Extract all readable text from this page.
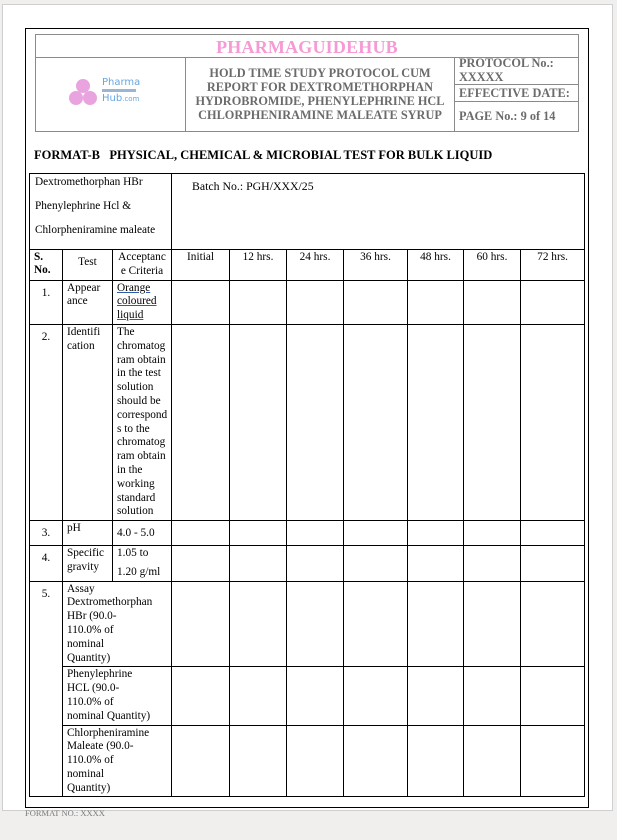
PHARMAGUIDEHUB
Pharma
Hub.com
HOLD TIME STUDY PROTOCOL CUM
REPORT FOR DEXTROMETHORPHAN
HYDROBROMIDE, PHENYLEPHRINE HCL
CHLORPHENIRAMINE MALEATE SYRUP
PROTOCOL No.:
XXXXX
EFFECTIVE DATE:
PAGE No.: 9 of 14
FORMAT-B   PHYSICAL, CHEMICAL & MICROBIAL TEST FOR BULK LIQUID
Dextromethorphan HBr
Phenylephrine Hcl &
Chlorpheniramine maleate			Batch No.: PGH/XXX/25						
S. No.	Test	Acceptanc e Criteria	Initial	12 hrs.	24 hrs.	36 hrs.	48 hrs.	60 hrs.	72 hrs.
1.	Appear ance	Orange coloured liquid							
2.	Identifi cation	The chromatog ram obtain in the test solution should be correspond s to the chromatog ram obtain in the working standard solution							
3.	pH	4.0 - 5.0							
4.	Specific gravity	1.05 to
1.20 g/ml							
5.	Assay Dextromethorphan HBr (90.0-110.0% of nominal Quantity)								
	Phenylephrine HCL (90.0-110.0% of nominal Quantity)								
	Chlorpheniramine Maleate (90.0-110.0% of nominal Quantity)								
FORMAT NO.: XXXX
